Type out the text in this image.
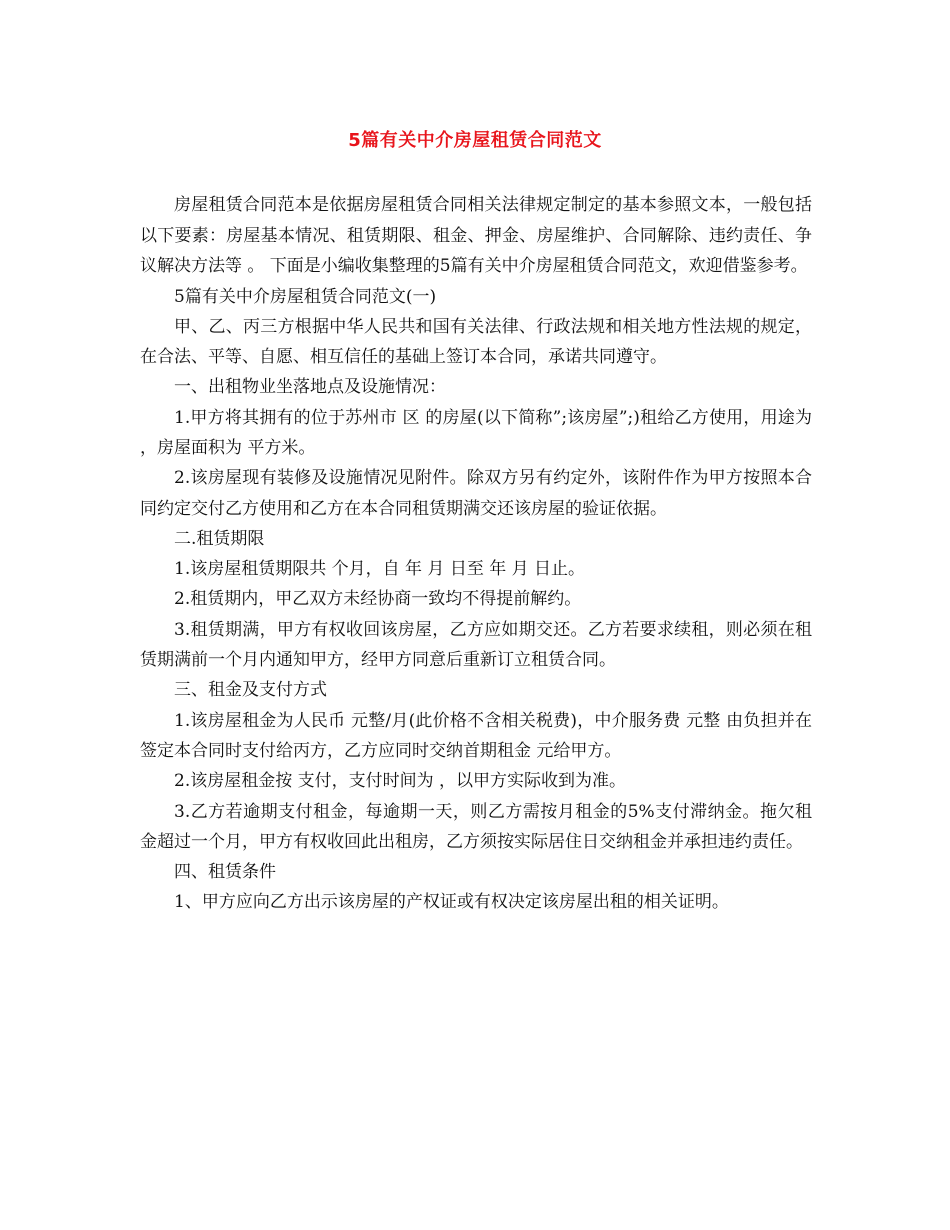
5篇有关中介房屋租赁合同范文

房屋租赁合同范本是依据房屋租赁合同相关法律规定制定的基本参照文本，一般包括以下要素：房屋基本情况、租赁期限、租金、押金、房屋维护、合同解除、违约责任、争议解决方法等 。 下面是小编收集整理的5篇有关中介房屋租赁合同范文，欢迎借鉴参考。

5篇有关中介房屋租赁合同范文(一)

甲、乙、丙三方根据中华人民共和国有关法律、行政法规和相关地方性法规的规定，在合法、平等、自愿、相互信任的基础上签订本合同，承诺共同遵守。

一、出租物业坐落地点及设施情况：

1.甲方将其拥有的位于苏州市 区 的房屋(以下简称”;该房屋”;)租给乙方使用，用途为 ，房屋面积为 平方米。

2.该房屋现有装修及设施情况见附件。除双方另有约定外，该附件作为甲方按照本合同约定交付乙方使用和乙方在本合同租赁期满交还该房屋的验证依据。

二.租赁期限

1.该房屋租赁期限共 个月，自 年 月 日至 年 月 日止。

2.租赁期内，甲乙双方未经协商一致均不得提前解约。

3.租赁期满，甲方有权收回该房屋，乙方应如期交还。乙方若要求续租，则必须在租赁期满前一个月内通知甲方，经甲方同意后重新订立租赁合同。

三、租金及支付方式

1.该房屋租金为人民币 元整/月(此价格不含相关税费)，中介服务费 元整 由负担并在签定本合同时支付给丙方，乙方应同时交纳首期租金 元给甲方。

2.该房屋租金按 支付，支付时间为 ，以甲方实际收到为准。

3.乙方若逾期支付租金，每逾期一天，则乙方需按月租金的5%支付滞纳金。拖欠租金超过一个月，甲方有权收回此出租房，乙方须按实际居住日交纳租金并承担违约责任。

四、租赁条件

1、甲方应向乙方出示该房屋的产权证或有权决定该房屋出租的相关证明。
